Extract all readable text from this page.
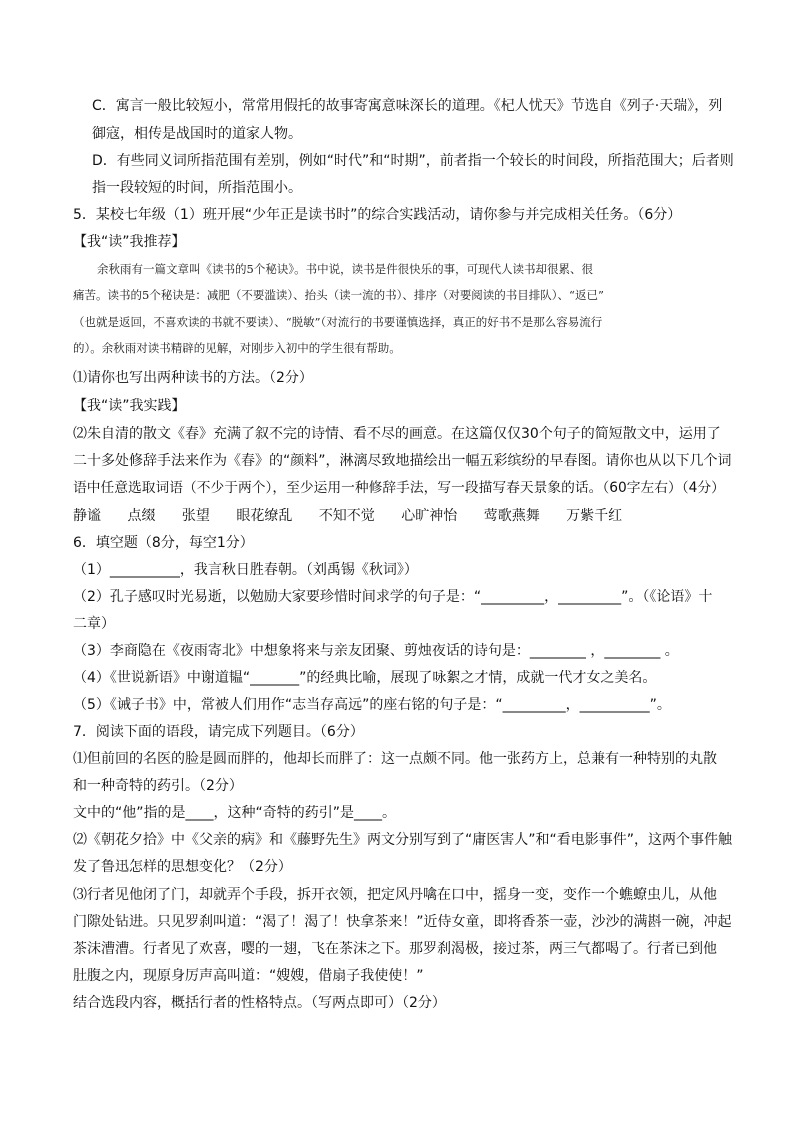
C．寓言一般比较短小，常常用假托的故事寄寓意味深长的道理。《杞人忧天》节选自《列子·天瑞》，列
御寇，相传是战国时的道家人物。
D．有些同义词所指范围有差别，例如“时代”和“时期”，前者指一个较长的时间段，所指范围大；后者则
指一段较短的时间，所指范围小。
5．某校七年级（1）班开展“少年正是读书时”的综合实践活动，请你参与并完成相关任务。（6分）
【我“读”我推荐】
余秋雨有一篇文章叫《读书的5个秘诀》。书中说，读书是件很快乐的事，可现代人读书却很累、很
痛苦。读书的5个秘诀是：减肥（不要滥读）、抬头（读一流的书）、排序（对要阅读的书目排队）、“返已”
（也就是返回，不喜欢读的书就不要读）、“脱敏”（对流行的书要谨慎选择，真正的好书不是那么容易流行
的）。余秋雨对读书精辟的见解，对刚步入初中的学生很有帮助。
⑴请你也写出两种读书的方法。（2分）
【我“读”我实践】
⑵朱自清的散文《春》充满了叙不完的诗情、看不尽的画意。在这篇仅仅30个句子的简短散文中，运用了
二十多处修辞手法来作为《春》的“颜料”，淋漓尽致地描绘出一幅五彩缤纷的早春图。请你也从以下几个词
语中任意选取词语（不少于两个），至少运用一种修辞手法，写一段描写春天景象的话。（60字左右）（4分）
静谧 点缀 张望 眼花缭乱 不知不觉 心旷神怡 莺歌燕舞 万紫千红
6．填空题（8分，每空1分）
（1）__________，我言秋日胜春朝。（刘禹锡《秋词》）
（2）孔子感叹时光易逝，以勉励大家要珍惜时间求学的句子是：“_________，_________”。（《论语》十
二章）
（3）李商隐在《夜雨寄北》中想象将来与亲友团聚、剪烛夜话的诗句是：________ ，________ 。
（4）《世说新语》中谢道韫“_______”的经典比喻，展现了咏絮之才情，成就一代才女之美名。
（5）《诫子书》中，常被人们用作“志当存高远”的座右铭的句子是：“_________，__________”。
7．阅读下面的语段，请完成下列题目。（6分）
⑴但前回的名医的脸是圆而胖的，他却长而胖了：这一点颇不同。他一张药方上，总兼有一种特别的丸散
和一种奇特的药引。（2分）
文中的“他”指的是____，这种“奇特的药引”是____。
⑵《朝花夕拾》中《父亲的病》和《藤野先生》两文分别写到了“庸医害人”和“看电影事件”，这两个事件触
发了鲁迅怎样的思想变化？（2分）
⑶行者见他闭了门，却就弄个手段，拆开衣领，把定风丹噙在口中，摇身一变，变作一个蟭蟟虫儿，从他
门隙处钻进。只见罗刹叫道：“渴了！渴了！快拿茶来！”近侍女童，即将香茶一壶，沙沙的满斟一碗，冲起
茶沫漕漕。行者见了欢喜，嘤的一翅，飞在茶沫之下。那罗刹渴极，接过茶，两三气都喝了。行者已到他
肚腹之内，现原身厉声高叫道：“嫂嫂，借扇子我使使！”
结合选段内容，概括行者的性格特点。（写两点即可）（2分）
